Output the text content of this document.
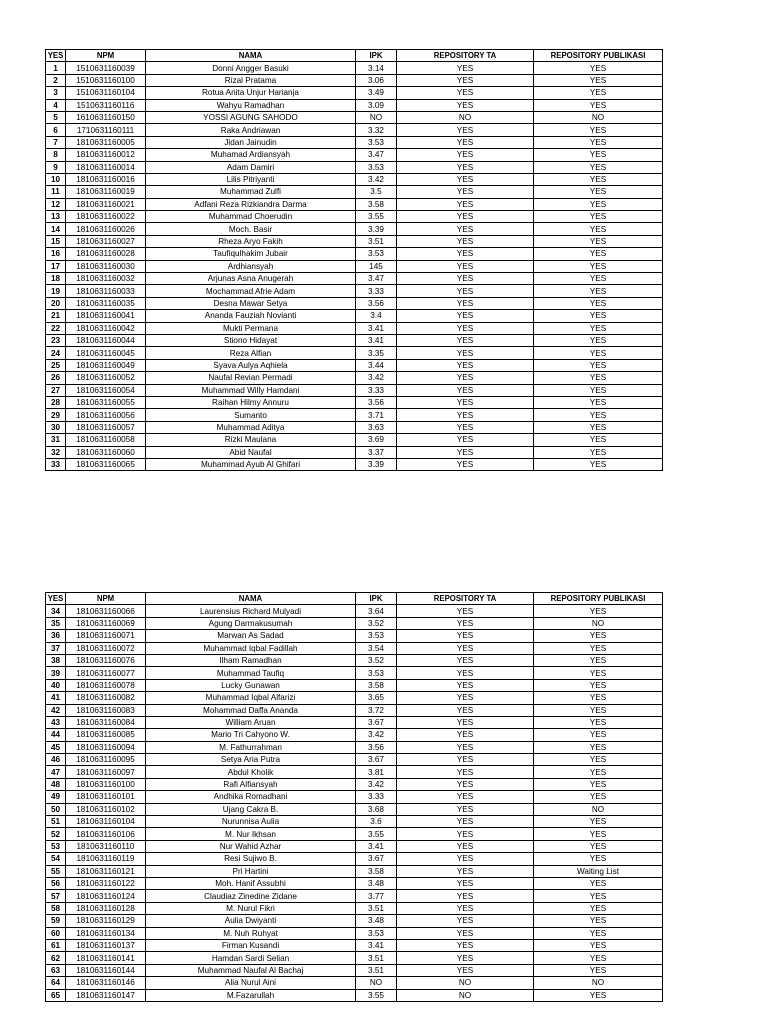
YES	NPM	NAMA	IPK	REPOSITORY TA	REPOSITORY PUBLIKASI
1	1510631160039	Donni Angger Basuki	3.14	YES	YES
2	1510631160100	Rizal Pratama	3.06	YES	YES
3	1510631160104	Rotua Anita Unjur Harianja	3.49	YES	YES
4	1510631160116	Wahyu Ramadhan	3.09	YES	YES
5	1610631160150	YOSSI AGUNG SAHODO	NO	NO	NO
6	1710631160111	Raka Andriawan	3.32	YES	YES
7	1810631160005	Jidan Jainudin	3.53	YES	YES
8	1810631160012	Muhamad Ardiansyah	3.47	YES	YES
9	1810631160014	Adam Damiri	3.53	YES	YES
10	1810631160016	Lilis Pitriyanti	3.42	YES	YES
11	1810631160019	Muhammad Zulfi	3.5	YES	YES
12	1810631160021	Adfani Reza Rizkiandra Darma	3.58	YES	YES
13	1810631160022	Muhammad Choerudin	3.55	YES	YES
14	1810631160026	Moch. Basir	3.39	YES	YES
15	1810631160027	Rheza Aryo Fakih	3.51	YES	YES
16	1810631160028	Taufiqulhakim Jubair	3.53	YES	YES
17	1810631160030	Ardhiansyah	145	YES	YES
18	1810631160032	Arjunas Asna Anugerah	3.47	YES	YES
19	1810631160033	Mochammad Afrie Adam	3.33	YES	YES
20	1810631160035	Desna Mawar Setya	3.56	YES	YES
21	1810631160041	Ananda Fauziah Novianti	3.4	YES	YES
22	1810631160042	Mukti Permana	3.41	YES	YES
23	1810631160044	Stiono Hidayat	3.41	YES	YES
24	1810631160045	Reza Alfian	3.35	YES	YES
25	1810631160049	Syava Aulya Aqhiela	3.44	YES	YES
26	1810631160052	Naufal Revian Permadi	3.42	YES	YES
27	1810631160054	Muhammad Willy Hamdani	3.33	YES	YES
28	1810631160055	Raihan Hilmy Annuru	3.56	YES	YES
29	1810631160056	Sumanto	3.71	YES	YES
30	1810631160057	Muhammad Aditya	3.63	YES	YES
31	1810631160058	Rizki Maulana	3.69	YES	YES
32	1810631160060	Abid Naufal	3.37	YES	YES
33	1810631160065	Muhammad Ayub Al Ghifari	3.39	YES	YES
YES	NPM	NAMA	IPK	REPOSITORY TA	REPOSITORY PUBLIKASI
34	1810631160066	Laurensius Richard Mulyadi	3.64	YES	YES
35	1810631160069	Agung Darmakusumah	3.52	YES	NO
36	1810631160071	Marwan As Sadad	3.53	YES	YES
37	1810631160072	Muhammad Iqbal Fadillah	3.54	YES	YES
38	1810631160076	Ilham Ramadhan	3.52	YES	YES
39	1810631160077	Muhammad Taufiq	3.53	YES	YES
40	1810631160078	Lucky Gunawan	3.58	YES	YES
41	1810631160082	Muhammad Iqbal Alfarizi	3.65	YES	YES
42	1810631160083	Mohammad Daffa Ananda	3.72	YES	YES
43	1810631160084	William Aruan	3.67	YES	YES
44	1810631160085	Mario Tri Cahyono W.	3.42	YES	YES
45	1810631160094	M. Fathurrahman	3.56	YES	YES
46	1810631160095	Setya Aria Putra	3.67	YES	YES
47	1810631160097	Abdul Kholik	3.81	YES	YES
48	1810631160100	Rafi Alfiansyah	3.42	YES	YES
49	1810631160101	Andhika Romadhani	3.33	YES	YES
50	1810631160102	Ujang Cakra B.	3.68	YES	NO
51	1810631160104	Nurunnisa Aulia	3.6	YES	YES
52	1810631160106	M. Nur Ikhsan	3.55	YES	YES
53	1810631160110	Nur Wahid Azhar	3.41	YES	YES
54	1810631160119	Resi Sujiwo B.	3.67	YES	YES
55	1810631160121	Pri Hartini	3.58	YES	Waiting List
56	1810631160122	Moh. Hanif Assubhi	3.48	YES	YES
57	1810631160124	Claudiaz Zinedine Zidane	3.77	YES	YES
58	1810631160128	M. Nurul Fikri	3.51	YES	YES
59	1810631160129	Aulia Dwiyanti	3.48	YES	YES
60	1810631160134	M. Nuh Ruhyat	3.53	YES	YES
61	1810631160137	Firman Kusandi	3.41	YES	YES
62	1810631160141	Hamdan Sardi Selian	3.51	YES	YES
63	1810631160144	Muhammad Naufal Al Bachaj	3.51	YES	YES
64	1810631160146	Alia Nurul Aini	NO	NO	NO
65	1810631160147	M.Fazarullah	3.55	NO	YES
